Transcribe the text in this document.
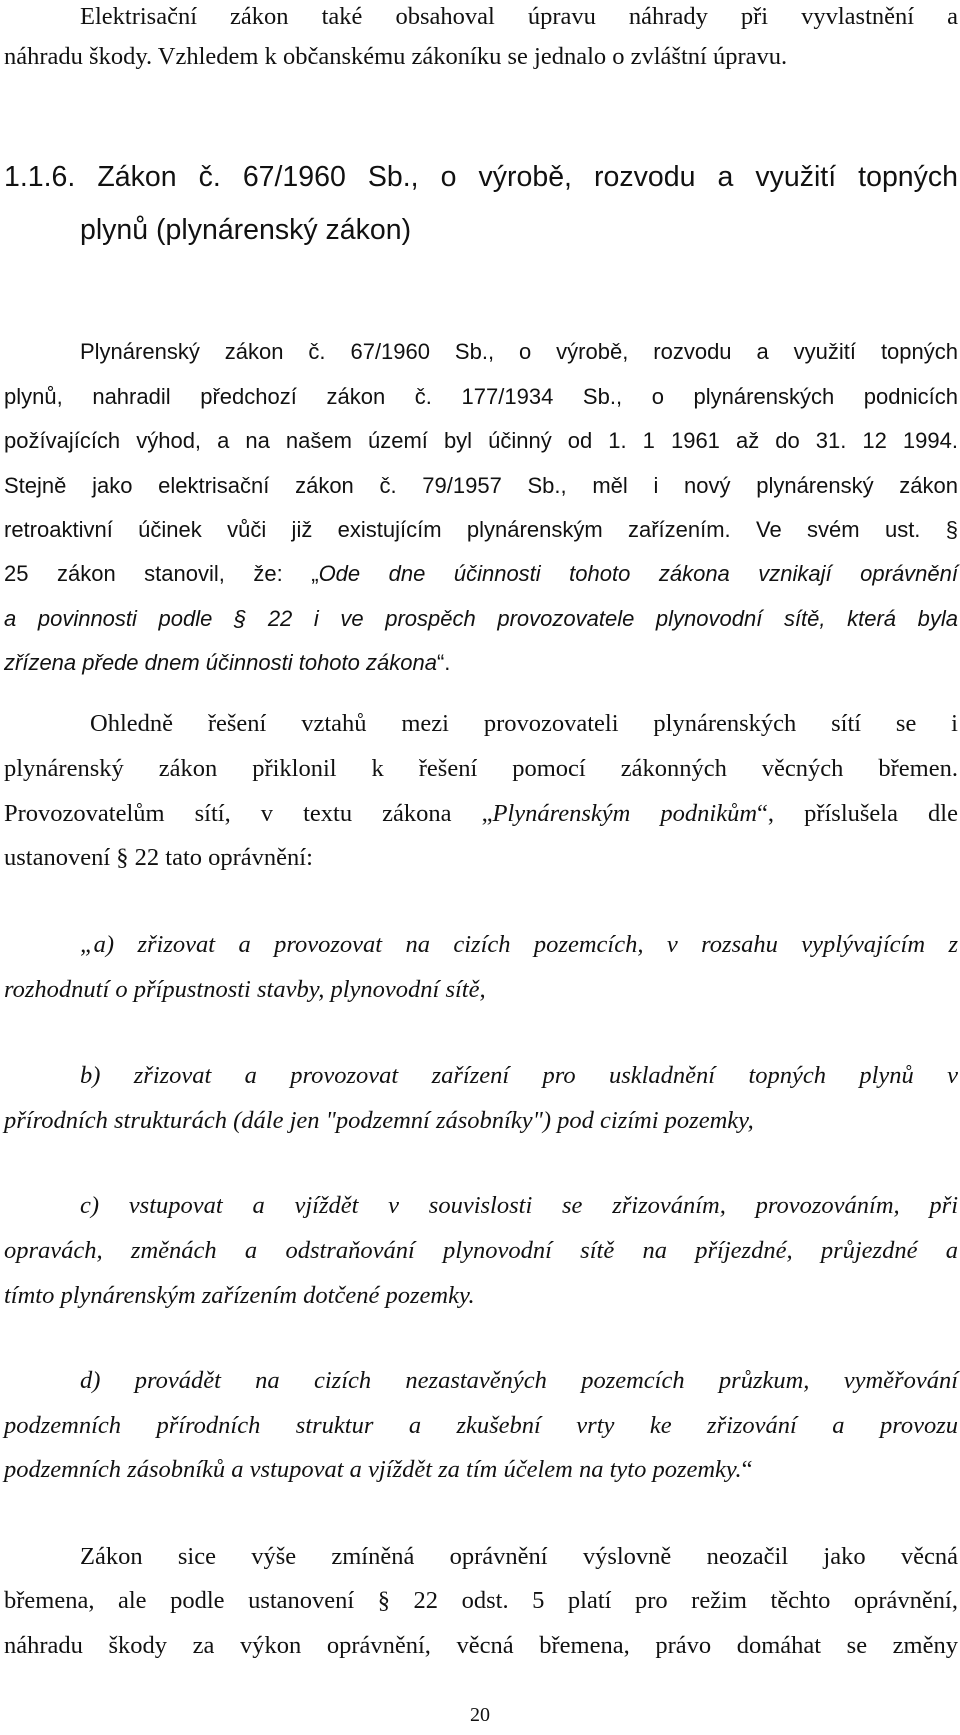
Elektrisační zákon také obsahoval úpravu náhrady při vyvlastnění a
náhradu škody. Vzhledem k občanskému zákoníku se jednalo o zvláštní úpravu.
1.1.6. Zákon č. 67/1960 Sb., o výrobě, rozvodu a využití topných
plynů (plynárenský zákon)
Plynárenský zákon č. 67/1960 Sb., o výrobě, rozvodu a využití topných
plynů, nahradil předchozí zákon č. 177/1934 Sb., o plynárenských podnicích
požívajících výhod, a na našem území byl účinný od 1. 1 1961 až do 31. 12 1994.
Stejně jako elektrisační zákon č. 79/1957 Sb., měl i nový plynárenský zákon
retroaktivní účinek vůči již existujícím plynárenským zařízením. Ve svém ust. §
25 zákon stanovil, že: „Ode dne účinnosti tohoto zákona vznikají oprávnění
a povinnosti podle § 22 i ve prospěch provozovatele plynovodní sítě, která byla
zřízena přede dnem účinnosti tohoto zákona“.
Ohledně řešení vztahů mezi provozovateli plynárenských sítí se i
plynárenský zákon přiklonil k řešení pomocí zákonných věcných břemen.
Provozovatelům sítí, v textu zákona „Plynárenským podnikům“, příslušela dle
ustanovení § 22 tato oprávnění:
„a) zřizovat a provozovat na cizích pozemcích, v rozsahu vyplývajícím z
rozhodnutí o přípustnosti stavby, plynovodní sítě,
b) zřizovat a provozovat zařízení pro uskladnění topných plynů v
přírodních strukturách (dále jen "podzemní zásobníky") pod cizími pozemky,
c) vstupovat a vjíždět v souvislosti se zřizováním, provozováním, při
opravách, změnách a odstraňování plynovodní sítě na příjezdné, průjezdné a
tímto plynárenským zařízením dotčené pozemky.
d) provádět na cizích nezastavěných pozemcích průzkum, vyměřování
podzemních přírodních struktur a zkušební vrty ke zřizování a provozu
podzemních zásobníků a vstupovat a vjíždět za tím účelem na tyto pozemky.“
Zákon sice výše zmíněná oprávnění výslovně neozačil jako věcná
břemena, ale podle ustanovení § 22 odst. 5 platí pro režim těchto oprávnění,
náhradu škody za výkon oprávnění, věcná břemena, právo domáhat se změny
20
